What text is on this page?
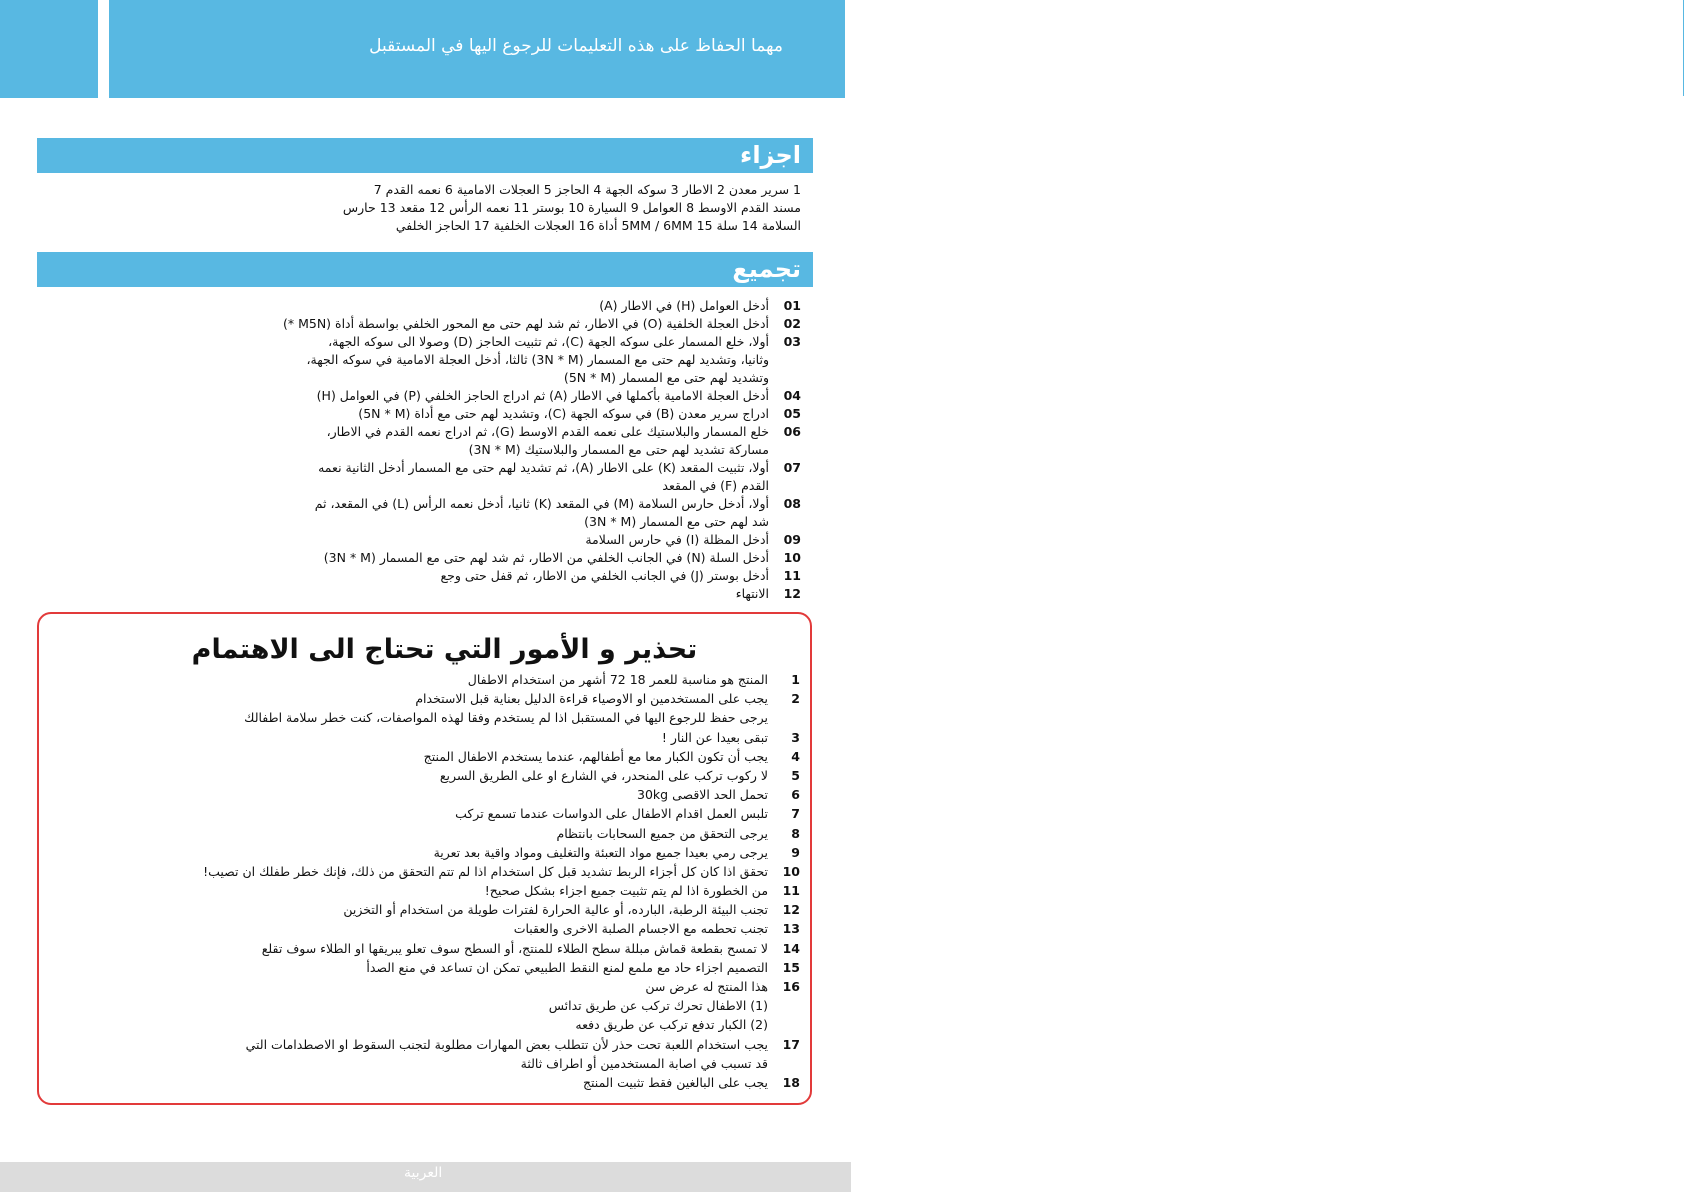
مهما الحفاظ على هذه التعليمات للرجوع اليها في المستقبل
اجزاء
1 سرير معدن 2 الاطار 3 سوكه الجهة 4 الحاجز 5 العجلات الامامية 6 نعمه القدم 7
مسند القدم الاوسط 8 العوامل 9 السيارة 10 بوستر 11 نعمه الرأس 12 مقعد 13 حارس
السلامة 14 سلة 15 5MM / 6MM أداة 16 العجلات الخلفية 17 الحاجز الخلفي
تجميع
01 أدخل العوامل (H) في الاطار (A)
02 أدخل العجلة الخلفية (O) في الاطار، ثم شد لهم حتى مع المحور الخلفي بواسطة أداة (M5N *)
03 أولا، خلع المسمار على سوكه الجهة (C)، ثم تثبيت الحاجز (D) وصولا الى سوكه الجهة،
وثانيا، وتشديد لهم حتى مع المسمار (3N * M) ثالثا، أدخل العجلة الامامية في سوكه الجهة،
وتشديد لهم حتى مع المسمار (5N * M)
04 أدخل العجلة الامامية بأكملها في الاطار (A) ثم ادراج الحاجز الخلفي (P) في العوامل (H)
05 ادراج سرير معدن (B) في سوكه الجهة (C)، وتشديد لهم حتى مع أداة (5N * M)
06 خلع المسمار والبلاستيك على نعمه القدم الاوسط (G)، ثم ادراج نعمه القدم في الاطار،
مساركة تشديد لهم حتى مع المسمار والبلاستيك (3N * M)
07 أولا، تثبيت المقعد (K) على الاطار (A)، ثم تشديد لهم حتى مع المسمار أدخل الثانية نعمه
القدم (F) في المقعد
08 أولا، أدخل حارس السلامة (M) في المقعد (K) ثانيا، أدخل نعمه الرأس (L) في المقعد، ثم
شد لهم حتى مع المسمار (3N * M)
09 أدخل المظلة (I) في حارس السلامة
10 أدخل السلة (N) في الجانب الخلفي من الاطار، ثم شد لهم حتى مع المسمار (3N * M)
11 أدخل بوستر (J) في الجانب الخلفي من الاطار، ثم قفل حتى وجع
12 الانتهاء
تحذير و الأمور التي تحتاج الى الاهتمام
1 المنتج هو مناسبة للعمر 18 72 أشهر من استخدام الاطفال
2 يجب على المستخدمين او الاوصياء قراءة الدليل بعناية قبل الاستخدام
يرجى حفظ للرجوع اليها في المستقبل اذا لم يستخدم وفقا لهذه المواصفات، كنت خطر سلامة اطفالك
3 تبقى بعيدا عن النار !
4 يجب أن تكون الكبار معا مع أطفالهم، عندما يستخدم الاطفال المنتج
5 لا ركوب تركب على المنحدر، في الشارع او على الطريق السريع
6 تحمل الحد الاقصى 30kg
7 تلبس العمل اقدام الاطفال على الدواسات عندما تسمع تركب
8 يرجى التحقق من جميع السحابات بانتظام
9 يرجى رمي بعيدا جميع مواد التعبئة والتغليف ومواد واقية بعد تعرية
10 تحقق اذا كان كل أجزاء الربط تشديد قبل كل استخدام اذا لم تتم التحقق من ذلك، فإنك خطر طفلك ان تصيب!
11 من الخطورة اذا لم يتم تثبيت جميع اجزاء بشكل صحيح!
12 تجنب البيئة الرطبة، البارده، أو عالية الحرارة لفترات طويلة من استخدام أو التخزين
13 تجنب تحطمه مع الاجسام الصلبة الاخرى والعقبات
14 لا تمسح بقطعة قماش مبللة سطح الطلاء للمنتج، أو السطح سوف تعلو يبريقها او الطلاء سوف تقلع
15 التصميم اجزاء حاد مع ملمع لمنع النقط الطبيعي تمكن ان تساعد في منع الصدأ
16 هذا المنتج له عرض سن
(1) الاطفال تحرك تركب عن طريق تدائس
(2) الكبار تدفع تركب عن طريق دفعه
17 يجب استخدام اللعبة تحت حذر لأن تتطلب بعض المهارات مطلوبة لتجنب السقوط او الاصطدامات التي
قد تسبب في اصابة المستخدمين أو اطراف ثالثة
18 يجب على البالغين فقط تثبيت المنتج
العربية
